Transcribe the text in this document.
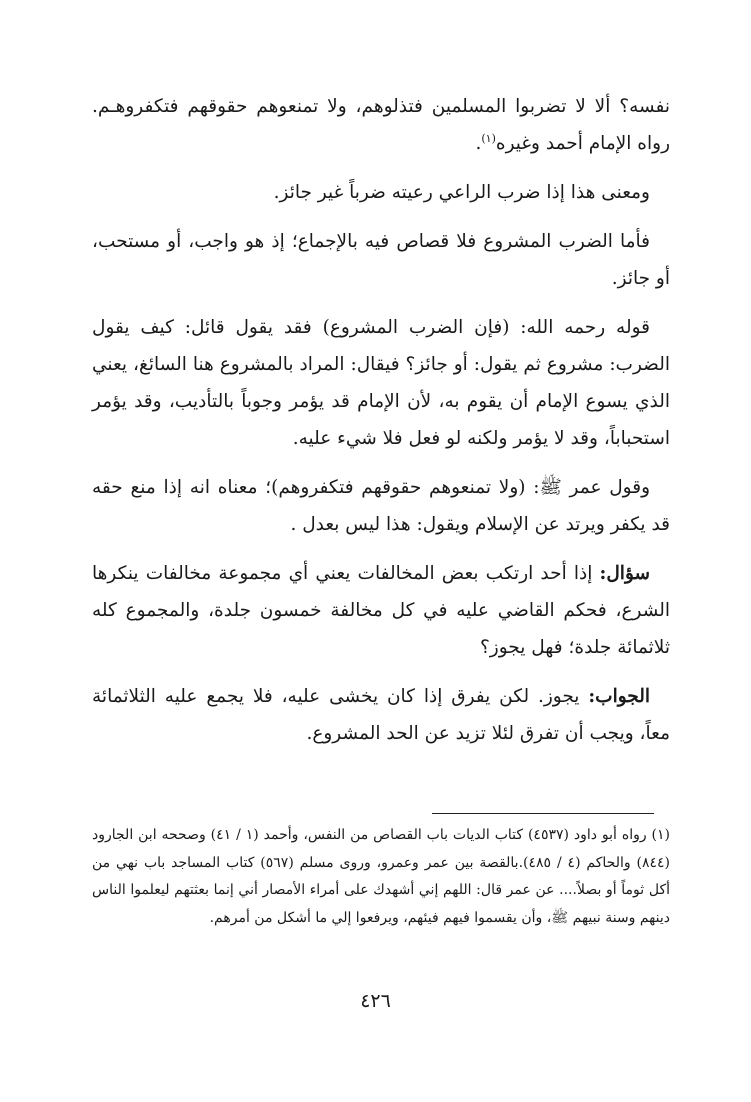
نفسه؟ ألا لا تضربوا المسلمين فتذلوهم، ولا تمنعوهم حقوقهم فتكفروهـم. رواه الإمام أحمد وغيره$^{(١)}$.

ومعنى هذا إذا ضرب الراعي رعيته ضرباً غير جائز.

فأما الضرب المشروع فلا قصاص فيه بالإجماع؛ إذ هو واجب، أو مستحب، أو جائز.

قوله رحمه الله: (فإن الضرب المشروع) فقد يقول قائل: كيف يقول الضرب: مشروع ثم يقول: أو جائز؟ فيقال: المراد بالمشروع هنا السائغ، يعني الذي يسوع الإمام أن يقوم به، لأن الإمام قد يؤمر وجوباً بالتأديب، وقد يؤمر استحباباً، وقد لا يؤمر ولكنه لو فعل فلا شيء عليه.

وقول عمر ﷺ: (ولا تمنعوهم حقوقهم فتكفروهم)؛ معناه انه إذا منع حقه قد يكفر ويرتد عن الإسلام ويقول: هذا ليس بعدل .

سؤال: إذا أحد ارتكب بعض المخالفات يعني أي مجموعة مخالفات ينكرها الشرع، فحكم القاضي عليه في كل مخالفة خمسون جلدة، والمجموع كله ثلاثمائة جلدة؛ فهل يجوز؟

الجواب: يجوز. لكن يفرق إذا كان يخشى عليه، فلا يجمع عليه الثلاثمائة معاً، ويجب أن تفرق لئلا تزيد عن الحد المشروع.

(١) رواه أبو داود (٤٥٣٧) كتاب الديات باب القصاص من النفس، وأحمد (١ / ٤١) وصححه ابن الجارود (٨٤٤) والحاكم (٤ / ٤٨٥).بالقصة بين عمر وعمرو، وروى مسلم (٥٦٧) كتاب المساجد باب نهي من أكل ثوماً أو بصلاً.... عن عمر قال: اللهم إني أشهدك على أمراء الأمصار أني إنما بعثتهم ليعلموا الناس دينهم وسنة نبيهم ﷺ، وأن يقسموا فيهم فيئهم، ويرفعوا إلي ما أشكل من أمرهم.

٤٢٦
